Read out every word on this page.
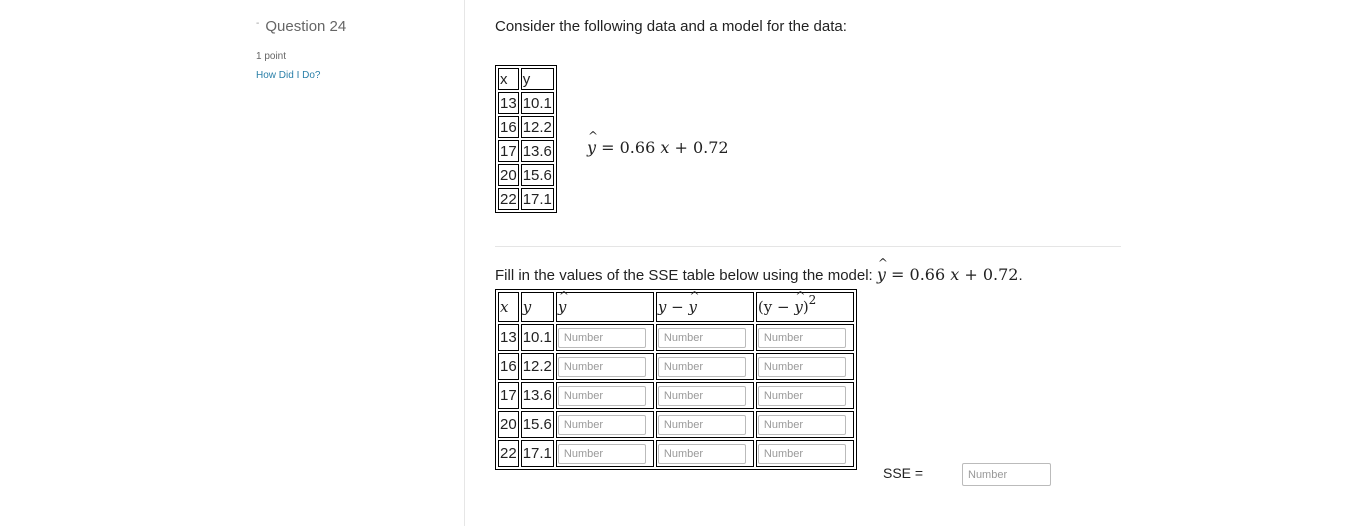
- Question 24
1 point
How Did I Do?
Consider the following data and a model for the data:
x	y
13	10.1
16	12.2
17	13.6
20	15.6
22	17.1
^ y = 0.66 x + 0.72
Fill in the values of the SSE table below using the model: ^ y = 0.66 x + 0.72.
x	y	^ y	y − ^ y	(y − ^ y)$^2$
13	10.1	Number	Number	Number
16	12.2	Number	Number	Number
17	13.6	Number	Number	Number
20	15.6	Number	Number	Number
22	17.1	Number	Number	Number
SSE =
Number
